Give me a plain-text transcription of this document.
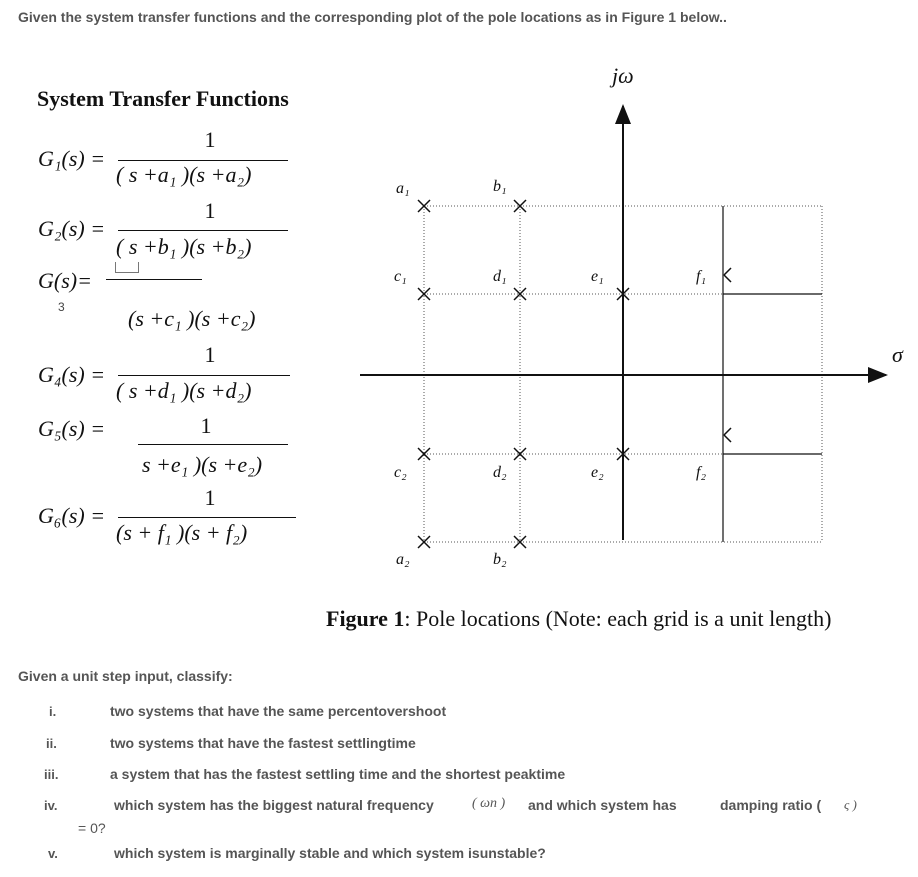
Given the system transfer functions and the corresponding plot of the pole locations as in Figure 1 below..
System Transfer Functions
G₁(s) =
1
( s +a₁ )(s +a₂)
G₂(s) =
1
( s +b₁ )(s +b₂)
G(s)=
3	(s +c₁ )(s +c₂)
G₄(s) =
1
( s +d₁ )(s +d₂)
G₅(s) =	1
s +e₁ )(s +e₂)
G₆(s) =
1
(s + f₁ )(s + f₂)
jω
σ
a₁	b₁
c₁	d₁	e₁	f₁
c₂	d₂	e₂	f₂
a₂	b₂
Figure 1: Pole locations (Note: each grid is a unit length)
Given a unit step input, classify:
i.	two systems that have the same percentovershoot
ii.	two systems that have the fastest settlingtime
iii.	a system that has the fastest settling time and the shortest peaktime
iv.	which system has the biggest natural frequency	( ωn ) and which system has	damping ratio ( ς )
= 0?
v.	which system is marginally stable and which system isunstable?
